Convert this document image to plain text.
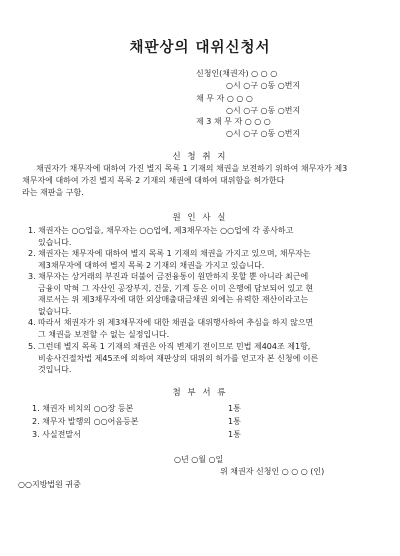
채판상의 대위신청서
신청인(채권자) ○ ○ ○
○시 ○구 ○동 ○번지
채 무 자 ○ ○ ○
○시 ○구 ○동 ○번지
제 3 채 무 자 ○ ○ ○
○시 ○구 ○동 ○번지
신 청 취 지
채권자가 채무자에 대하여 가진 별지 목록 1 기재의 채권을 보전하기 위하여 채무자가 제3
채무자에 대하여 가진 별지 목록 2 기재의 채권에 대하여 대위함을 허가한다
라는 재판을 구함.
원 인 사 실
1. 채권자는 ○○업을, 채무자는 ○○업에, 제3채무자는 ○○업에 각 종사하고
있습니다.
2. 채권자는 채무자에 대하여 별지 목록 1 기재의 채권을 가지고 있으며, 채무자는
제3채무자에 대하여 별지 목록 2 기재의 채권을 가지고 있습니다.
3. 채무자는 상거래의 부진과 더불어 금전융통이 원만하지 못할 뿐 아니라 최근에
금융이 막혀 그 자산인 공장부지, 건물, 기계 등은 이미 은행에 담보되어 있고 현
재로서는 위 제3채무자에 대한 외상매출대금채권 외에는 유력한 재산이라고는
없습니다.
4. 따라서 채권자가 위 제3채무자에 대한 채권을 대위행사하여 추심을 하지 않으면
그 채권을 보전할 수 없는 실정입니다.
5. 그런데 별지 목록 1 기재의 채권은 아직 변제기 전이므로 민법 제404조 제1항,
비송사건절차법 제45조에 의하여 재판상의 대위의 허가를 얻고자 본 신청에 이른
것입니다.
첨 부 서 류
1. 채권자 비치의 ○○장 등본	1통
2. 채무자 발행의 ○○어음등본	1통
3. 사실전말서	1통
○년 ○월 ○일
위 채권자 신청인 ○ ○ ○ (인)
○○지방법원 귀중
